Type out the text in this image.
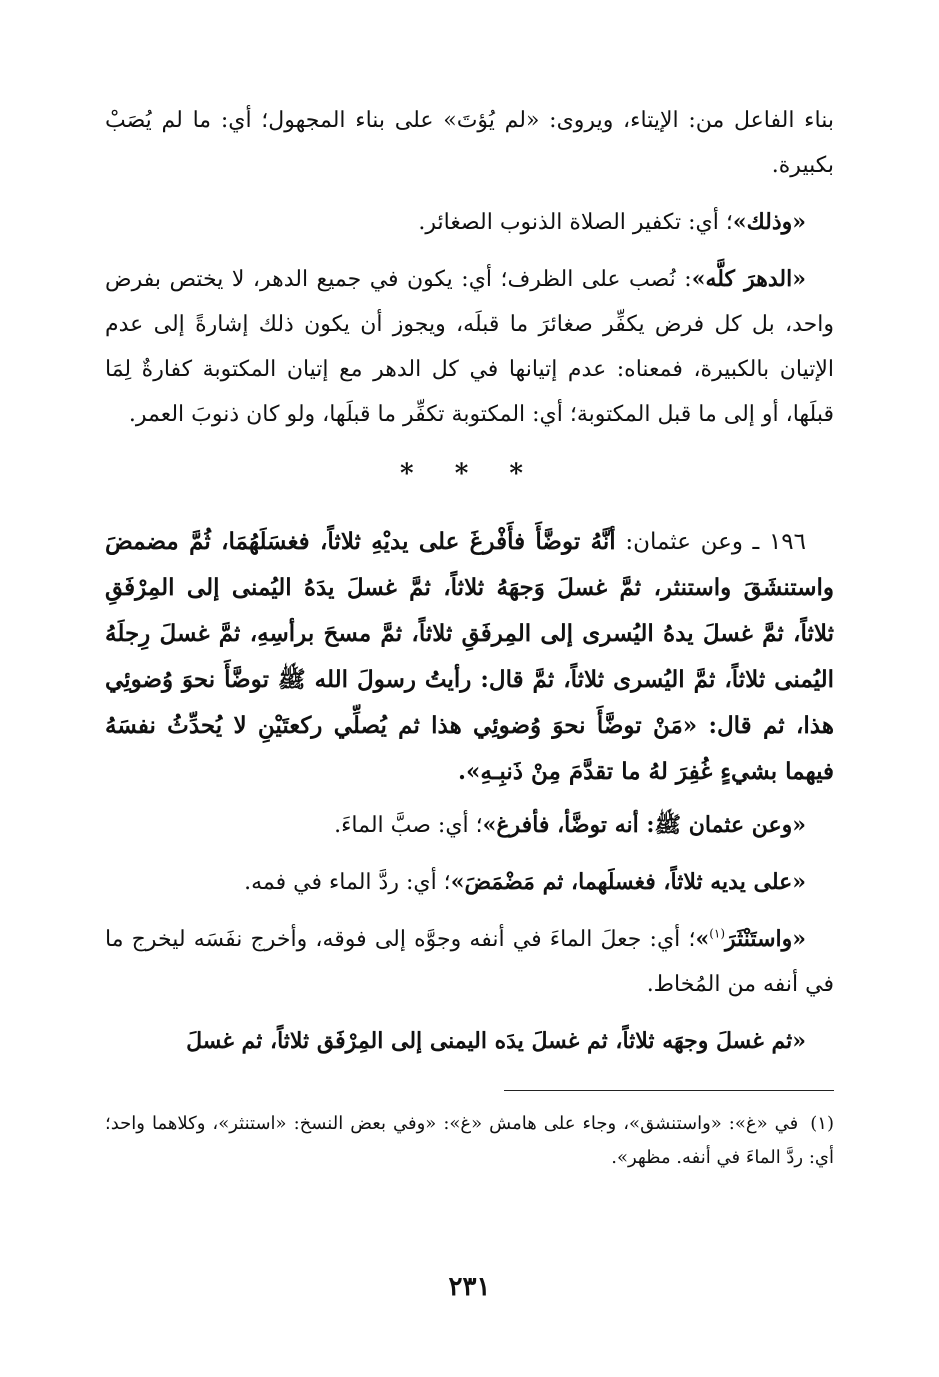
بناء الفاعل من: الإيتاء، ويروى: «لم يُؤتَ» على بناء المجهول؛ أي: ما لم يُصَبْ بكبيرة.

«وذلك»؛ أي: تكفير الصلاة الذنوب الصغائر.

«الدهرَ كلَّه»: نُصب على الظرف؛ أي: يكون في جميع الدهر، لا يختص بفرض واحد، بل كل فرض يكفِّر صغائرَ ما قبلَه، ويجوز أن يكون ذلك إشارةً إلى عدم الإتيان بالكبيرة، فمعناه: عدم إتيانها في كل الدهر مع إتيان المكتوبة كفارةٌ لِمَا قبلَها، أو إلى ما قبل المكتوبة؛ أي: المكتوبة تكفِّر ما قبلَها، ولو كان ذنوبَ العمر.

* * *

١٩٦ ـ وعن عثمان: أنَّهُ توضَّأَ فأَفْرغَ على يديْهِ ثلاثاً، فغسَلَهُمَا، ثُمَّ مضمضَ واستنشَقَ واستنثر، ثمَّ غسلَ وَجهَهُ ثلاثاً، ثمَّ غسلَ يدَهُ اليُمنى إلى المِرْفَقِ ثلاثاً، ثمَّ غسلَ يدهُ اليُسرى إلى المِرفَقِ ثلاثاً، ثمَّ مسحَ برأسِهِ، ثمَّ غسلَ رِجلَهُ اليُمنى ثلاثاً، ثمَّ اليُسرى ثلاثاً، ثمَّ قال: رأيتُ رسولَ الله ﷺ توضَّأَ نحوَ وُضوئِي هذا، ثم قال: «مَنْ توضَّأَ نحوَ وُضوئِي هذا ثم يُصلِّي ركعتَيْنِ لا يُحدِّثُ نفسَهُ فيهما بشيءٍ غُفِرَ لهُ ما تقدَّمَ مِنْ ذَنبِـهِ».

«وعن عثمان ﷺ: أنه توضَّأ، فأفرغ»؛ أي: صبَّ الماءَ.

«على يديه ثلاثاً، فغسلَهما، ثم مَضْمَضَ»؛ أي: ردَّ الماء في فمه.

«واستَنْثَرَ$^{(١)}$»؛ أي: جعلَ الماءَ في أنفه وجوَّه إلى فوقه، وأخرج نفَسَه ليخرج ما في أنفه من المُخاط.

«ثم غسلَ وجهَه ثلاثاً، ثم غسلَ يدَه اليمنى إلى المِرْفَق ثلاثاً، ثم غسلَ

(١)في «غ»: «واستنشق»، وجاء على هامش «غ»: «وفي بعض النسخ: «استنثر»، وكلاهما واحد؛ أي: ردَّ الماءَ في أنفه. مظهر».

٢٣١
